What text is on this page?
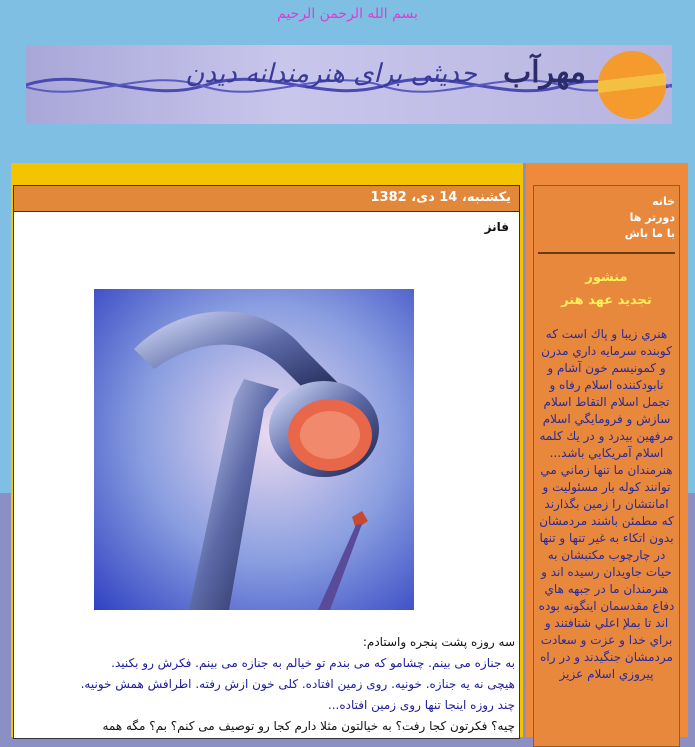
بسم الله الرحمن الرحیم
حدیثی برای هنرمندانه دیدن مهرآب
یکشنبه، 14 دی، 1382
فانز
سه روزه پشت پنجره واستادم:
به جنازه می بینم. چشامو که می بندم تو خیالم به جنازه می بینم. فکرش رو بکنید.
هیچی نه یه جنازه. خونیه. روی زمین افتاده. کلی خون ازش رفته. اطرافش همش خونیه.
چند روزه اینجا تنها روی زمین افتاده...
چیه؟ فکرتون کجا رفت؟ به خیالتون مثلا دارم کجا رو توصیف می کنم؟ بم؟ مگه همه
خانه
دورتر ها
با ما باش
منشور
تجدید عهد هنر
هنري زيبا و پاك است كه كوبنده سرمايه داري مدرن و كمونيسم خون آشام و نابودكننده اسلام رفاه و تجمل اسلام التقاط اسلام سازش و فرومايگي اسلام مرفهين بيدرد و در يك كلمه اسلام آمريكايي باشد... هنرمندان ما تنها زماني مي توانند كوله بار مسئوليت و امانتشان را زمين بگذارند كه مطمئن باشند مردمشان بدون اتكاء به غير تنها و تنها در چارچوب مكتبشان به حيات جاويدان رسيده اند و هنرمندان ما در جبهه هاي دفاع مقدسمان اينگونه بوده اند تا بملإ اعلي شتافتند و براي خدا و عزت و سعادت مردمشان جنگيدند و در راه پيروزي اسلام عزيز
